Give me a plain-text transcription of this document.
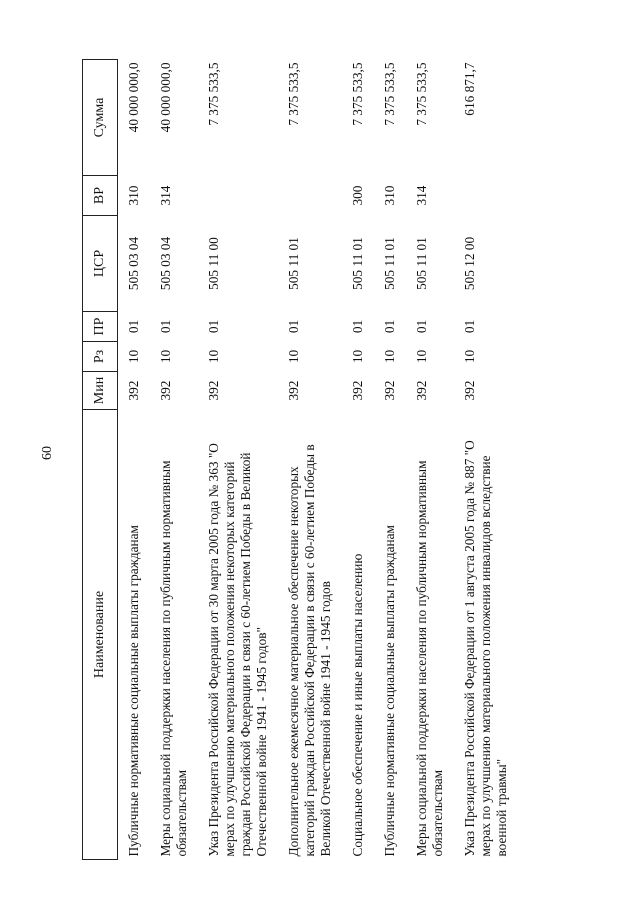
60
Наименование	Мин	Рз	ПР	ЦСР	ВР	Сумма
Публичные нормативные социальные выплаты гражданам	392	10	01	505 03 04	310	40 000 000,0
Меры социальной поддержки населения по публичным нормативным обязательствам	392	10	01	505 03 04	314	40 000 000,0
Указ Президента Российской Федерации от 30 марта 2005 года № 363 "О мерах по улучшению материального положения некоторых категорий граждан Российской Федерации в связи с 60-летием Победы в Великой Отечественной войне 1941 - 1945 годов"	392	10	01	505 11 00		7 375 533,5
Дополнительное ежемесячное материальное обеспечение некоторых категорий граждан Российской Федерации в связи с 60-летием Победы в Великой Отечественной войне 1941 - 1945 годов	392	10	01	505 11 01		7 375 533,5
Социальное обеспечение и иные выплаты населению	392	10	01	505 11 01	300	7 375 533,5
Публичные нормативные социальные выплаты гражданам	392	10	01	505 11 01	310	7 375 533,5
Меры социальной поддержки населения по публичным нормативным обязательствам	392	10	01	505 11 01	314	7 375 533,5
Указ Президента Российской Федерации от 1 августа 2005 года № 887 "О мерах по улучшению материального положения инвалидов вследствие военной травмы"	392	10	01	505 12 00		616 871,7
